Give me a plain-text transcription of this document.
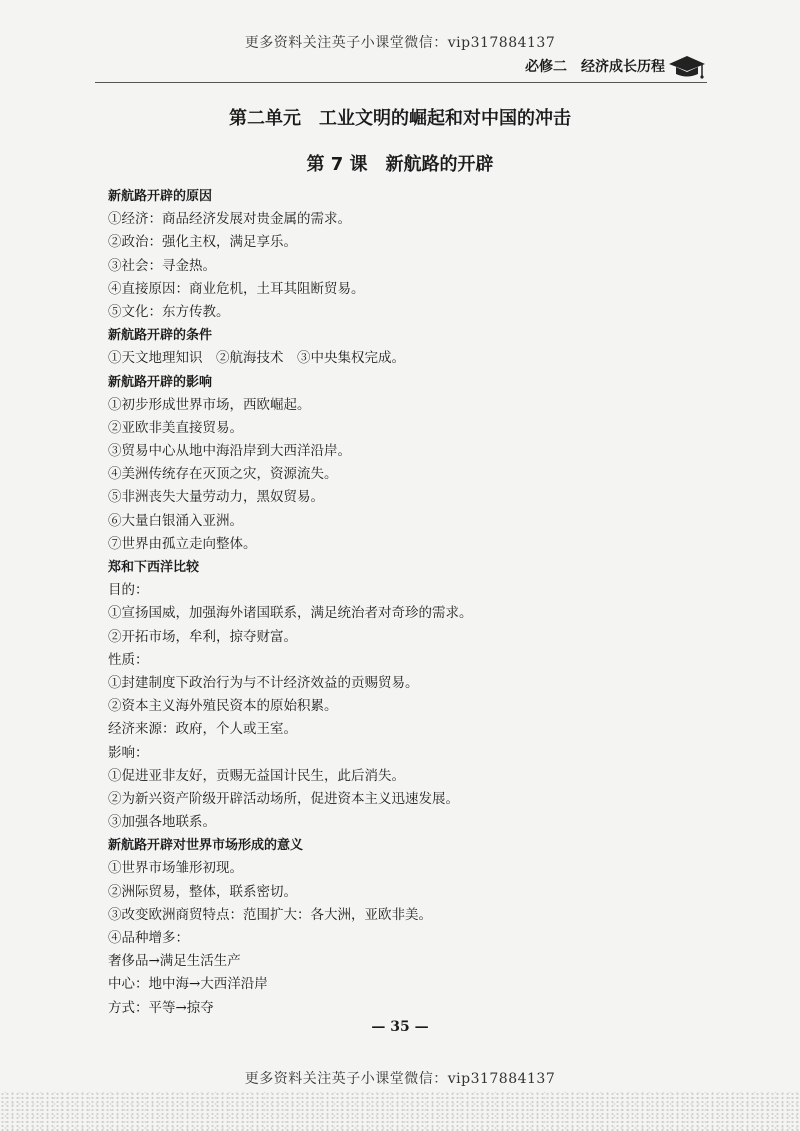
更多资料关注英子小课堂微信：vip317884137
必修二　经济成长历程
第二单元　工业文明的崛起和对中国的冲击
第 7 课　新航路的开辟
新航路开辟的原因
①经济：商品经济发展对贵金属的需求。
②政治：强化主权，满足享乐。
③社会：寻金热。
④直接原因：商业危机，土耳其阻断贸易。
⑤文化：东方传教。
新航路开辟的条件
①天文地理知识　②航海技术　③中央集权完成。
新航路开辟的影响
①初步形成世界市场，西欧崛起。
②亚欧非美直接贸易。
③贸易中心从地中海沿岸到大西洋沿岸。
④美洲传统存在灭顶之灾，资源流失。
⑤非洲丧失大量劳动力，黑奴贸易。
⑥大量白银涌入亚洲。
⑦世界由孤立走向整体。
郑和下西洋比较
目的：
①宣扬国威，加强海外诸国联系，满足统治者对奇珍的需求。
②开拓市场，牟利，掠夺财富。
性质：
①封建制度下政治行为与不计经济效益的贡赐贸易。
②资本主义海外殖民资本的原始积累。
经济来源：政府，个人或王室。
影响：
①促进亚非友好，贡赐无益国计民生，此后消失。
②为新兴资产阶级开辟活动场所，促进资本主义迅速发展。
③加强各地联系。
新航路开辟对世界市场形成的意义
①世界市场雏形初现。
②洲际贸易，整体，联系密切。
③改变欧洲商贸特点：范围扩大：各大洲，亚欧非美。
④品种增多：
奢侈品→满足生活生产
中心：地中海→大西洋沿岸
方式：平等→掠夺
— 35 —
更多资料关注英子小课堂微信：vip317884137
